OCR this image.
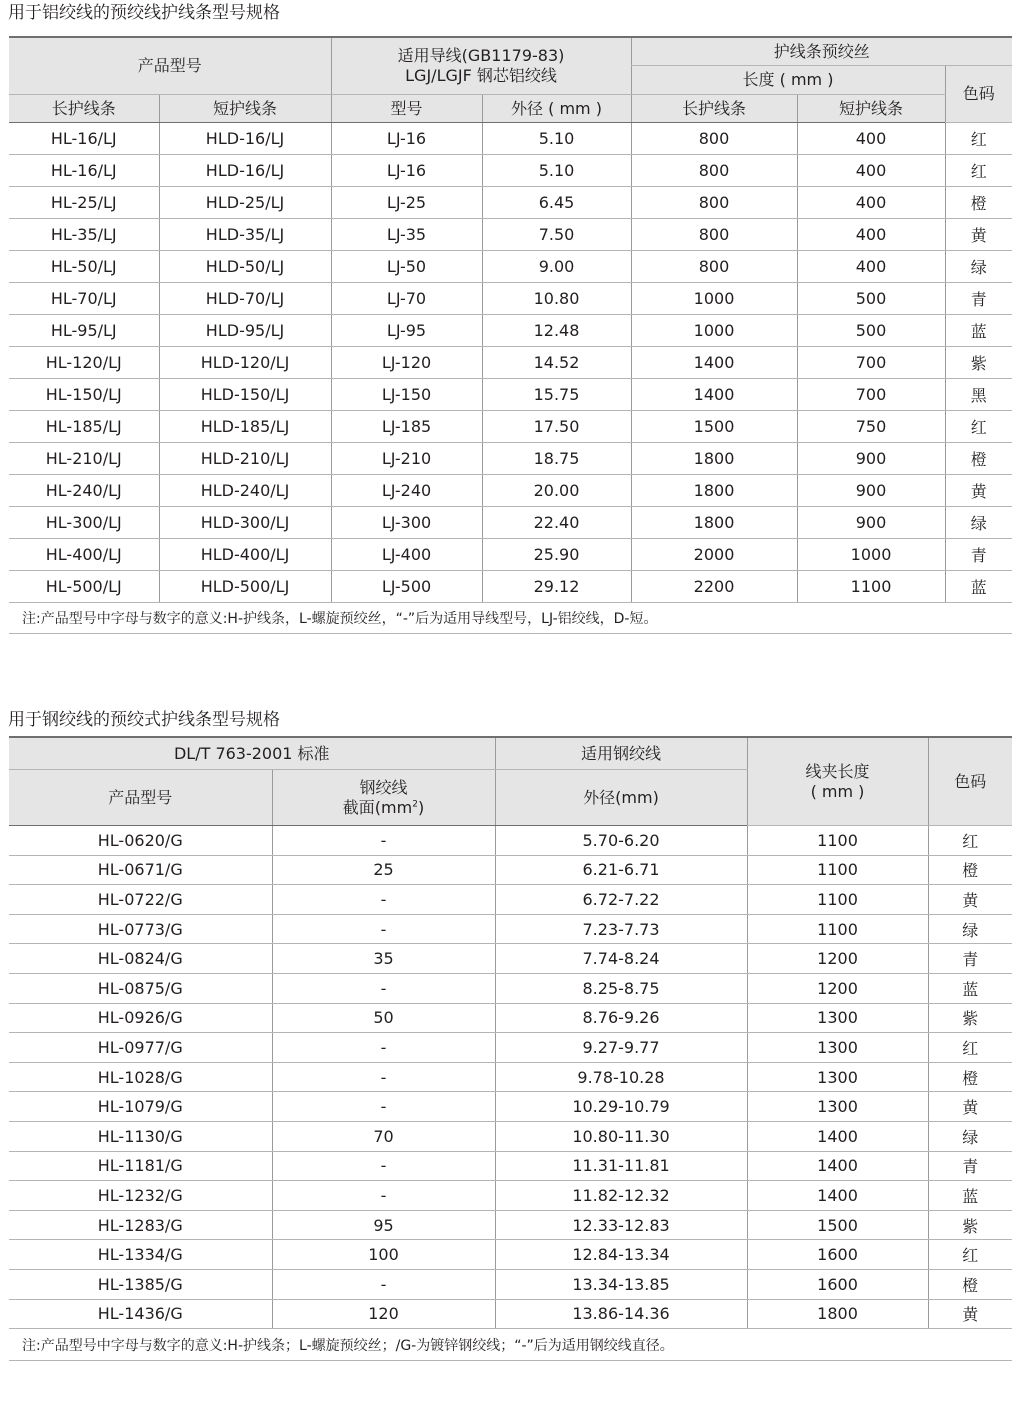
用于铝绞线的预绞线护线条型号规格
产品型号		适用导线(GB1179-83)
LGJ/LGJF 钢芯铝绞线		护线条预绞丝		
				长度 ( mm )		色码
长护线条	短护线条	型号	外径 ( mm )	长护线条	短护线条	
HL-16/LJ	HLD-16/LJ	LJ-16	5.10	800	400	红
HL-16/LJ	HLD-16/LJ	LJ-16	5.10	800	400	红
HL-25/LJ	HLD-25/LJ	LJ-25	6.45	800	400	橙
HL-35/LJ	HLD-35/LJ	LJ-35	7.50	800	400	黄
HL-50/LJ	HLD-50/LJ	LJ-50	9.00	800	400	绿
HL-70/LJ	HLD-70/LJ	LJ-70	10.80	1000	500	青
HL-95/LJ	HLD-95/LJ	LJ-95	12.48	1000	500	蓝
HL-120/LJ	HLD-120/LJ	LJ-120	14.52	1400	700	紫
HL-150/LJ	HLD-150/LJ	LJ-150	15.75	1400	700	黑
HL-185/LJ	HLD-185/LJ	LJ-185	17.50	1500	750	红
HL-210/LJ	HLD-210/LJ	LJ-210	18.75	1800	900	橙
HL-240/LJ	HLD-240/LJ	LJ-240	20.00	1800	900	黄
HL-300/LJ	HLD-300/LJ	LJ-300	22.40	1800	900	绿
HL-400/LJ	HLD-400/LJ	LJ-400	25.90	2000	1000	青
HL-500/LJ	HLD-500/LJ	LJ-500	29.12	2200	1100	蓝
注:产品型号中字母与数字的意义:H-护线条，L-螺旋预绞丝，“-”后为适用导线型号，LJ-铝绞线，D-短。						
用于钢绞线的预绞式护线条型号规格
DL/T 763-2001 标准		适用钢绞线	线夹长度
( mm )	色码
产品型号	钢绞线
截面$(mm^2)$	外径(mm)		
HL-0620/G	-	5.70-6.20	1100	红
HL-0671/G	25	6.21-6.71	1100	橙
HL-0722/G	-	6.72-7.22	1100	黄
HL-0773/G	-	7.23-7.73	1100	绿
HL-0824/G	35	7.74-8.24	1200	青
HL-0875/G	-	8.25-8.75	1200	蓝
HL-0926/G	50	8.76-9.26	1300	紫
HL-0977/G	-	9.27-9.77	1300	红
HL-1028/G	-	9.78-10.28	1300	橙
HL-1079/G	-	10.29-10.79	1300	黄
HL-1130/G	70	10.80-11.30	1400	绿
HL-1181/G	-	11.31-11.81	1400	青
HL-1232/G	-	11.82-12.32	1400	蓝
HL-1283/G	95	12.33-12.83	1500	紫
HL-1334/G	100	12.84-13.34	1600	红
HL-1385/G	-	13.34-13.85	1600	橙
HL-1436/G	120	13.86-14.36	1800	黄
注:产品型号中字母与数字的意义:H-护线条；L-螺旋预绞丝；/G-为镀锌钢绞线；“-”后为适用钢绞线直径。				
